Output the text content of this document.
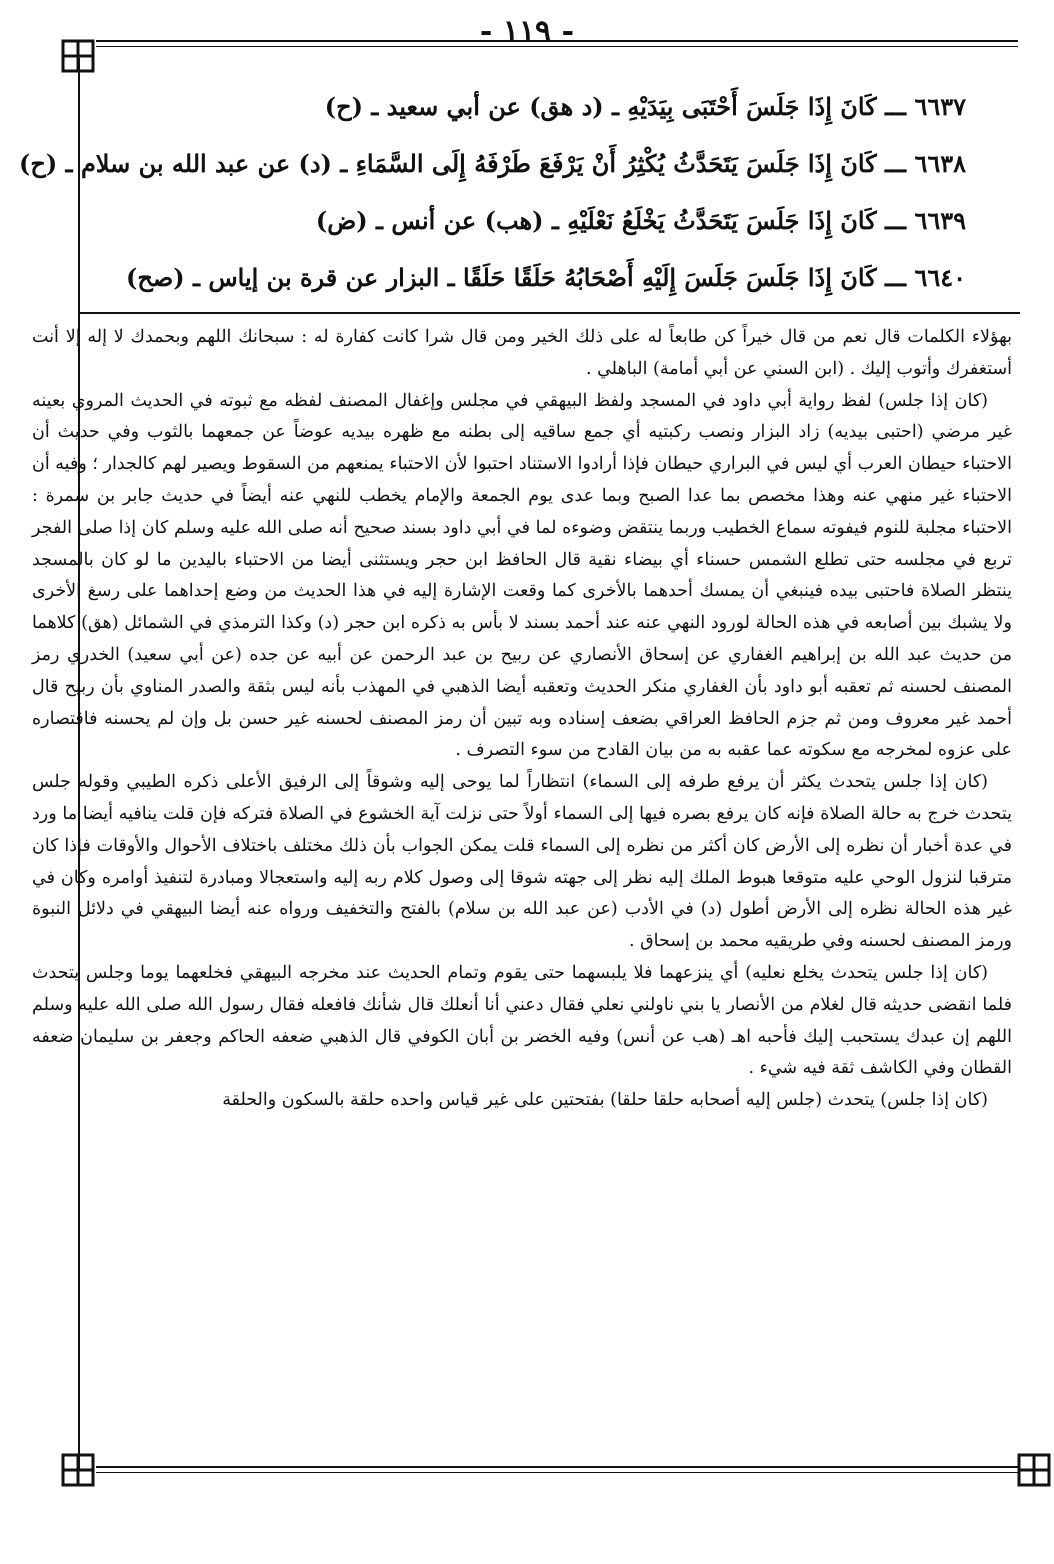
- ١١٩ -
٦٦٣٧ ـــ كَانَ إِذَا جَلَسَ أَحْتَبَى بِيَدَيْهِ ـ (د هق) عن أبي سعيد ـ (ح)
٦٦٣٨ ـــ كَانَ إِذَا جَلَسَ يَتَحَدَّثُ يُكْثِرُ أَنْ يَرْفَعَ طَرْفَهُ إِلَى السَّمَاءِ ـ (د) عن عبد الله بن سلام ـ (ح)
٦٦٣٩ ـــ كَانَ إِذَا جَلَسَ يَتَحَدَّثُ يَخْلَعُ نَعْلَيْهِ ـ (هب) عن أنس ـ (ض)
٦٦٤٠ ـــ كَانَ إِذَا جَلَسَ جَلَسَ إِلَيْهِ أَصْحَابُهُ حَلَقًا حَلَقًا ـ البزار عن قرة بن إياس ـ (صح)

بهؤلاء الكلمات قال نعم من قال خيراً كن طابعاً له على ذلك الخير ومن قال شرا كانت كفارة له : سبحانك اللهم وبحمدك لا إله إلا أنت أستغفرك وأتوب إليك . (ابن السني عن أبي أمامة) الباهلي .

(كان إذا جلس) لفظ رواية أبي داود في المسجد ولفظ البيهقي في مجلس وإغفال المصنف لفظه مع ثبوته في الحديث المروي بعينه غير مرضي (احتبى بيديه) زاد البزار ونصب ركبتيه أي جمع ساقيه إلى بطنه مع ظهره بيديه عوضاً عن جمعهما بالثوب وفي حديث أن الاحتباء حيطان العرب أي ليس في البراري حيطان فإذا أرادوا الاستناد احتبوا لأن الاحتباء يمنعهم من السقوط ويصير لهم كالجدار ؛ وفيه أن الاحتباء غير منهي عنه وهذا مخصص بما عدا الصبح وبما عدى يوم الجمعة والإمام يخطب للنهي عنه أيضاً في حديث جابر بن سمرة : الاحتباء مجلبة للنوم فيفوته سماع الخطيب وربما ينتقض وضوءه لما في أبي داود بسند صحيح أنه صلى الله عليه وسلم كان إذا صلى الفجر تربع في مجلسه حتى تطلع الشمس حسناء أي بيضاء نقية قال الحافظ ابن حجر ويستثنى أيضا من الاحتباء باليدين ما لو كان بالمسجد ينتظر الصلاة فاحتبى بيده فينبغي أن يمسك أحدهما بالأخرى كما وقعت الإشارة إليه في هذا الحديث من وضع إحداهما على رسغ الأخرى ولا يشبك بين أصابعه في هذه الحالة لورود النهي عنه عند أحمد بسند لا بأس به ذكره ابن حجر (د) وكذا الترمذي في الشمائل (هق) كلاهما من حديث عبد الله بن إبراهيم الغفاري عن إسحاق الأنصاري عن ربيح بن عبد الرحمن عن أبيه عن جده (عن أبي سعيد) الخدري رمز المصنف لحسنه ثم تعقبه أبو داود بأن الغفاري منكر الحديث وتعقبه أيضا الذهبي في المهذب بأنه ليس بثقة والصدر المناوي بأن ربيح قال أحمد غير معروف ومن ثم جزم الحافظ العراقي بضعف إسناده وبه تبين أن رمز المصنف لحسنه غير حسن بل وإن لم يحسنه فاقتصاره على عزوه لمخرجه مع سكوته عما عقبه به من بيان القادح من سوء التصرف .

(كان إذا جلس يتحدث يكثر أن يرفع طرفه إلى السماء) انتظاراً لما يوحى إليه وشوقاً إلى الرفيق الأعلى ذكره الطيبي وقوله جلس يتحدث خرج به حالة الصلاة فإنه كان يرفع بصره فيها إلى السماء أولاً حتى نزلت آية الخشوع في الصلاة فتركه فإن قلت ينافيه أيضا ما ورد في عدة أخبار أن نظره إلى الأرض كان أكثر من نظره إلى السماء قلت يمكن الجواب بأن ذلك مختلف باختلاف الأحوال والأوقات فإذا كان مترقبا لنزول الوحي عليه متوقعا هبوط الملك إليه نظر إلى جهته شوقا إلى وصول كلام ربه إليه واستعجالا ومبادرة لتنفيذ أوامره وكان في غير هذه الحالة نظره إلى الأرض أطول (د) في الأدب (عن عبد الله بن سلام) بالفتح والتخفيف ورواه عنه أيضا البيهقي في دلائل النبوة ورمز المصنف لحسنه وفي طريقيه محمد بن إسحاق .

(كان إذا جلس يتحدث يخلع نعليه) أي ينزعهما فلا يلبسهما حتى يقوم وتمام الحديث عند مخرجه البيهقي فخلعهما يوما وجلس يتحدث فلما انقضى حديثه قال لغلام من الأنصار يا بني ناولني نعلي فقال دعني أنا أنعلك قال شأنك فافعله فقال رسول الله صلى الله عليه وسلم اللهم إن عبدك يستحبب إليك فأحبه اهـ (هب عن أنس) وفيه الخضر بن أبان الكوفي قال الذهبي ضعفه الحاكم وجعفر بن سليمان ضعفه القطان وفي الكاشف ثقة فيه شيء .

(كان إذا جلس) يتحدث (جلس إليه أصحابه حلقا حلقا) بفتحتين على غير قياس واحده حلقة بالسكون والحلقة
